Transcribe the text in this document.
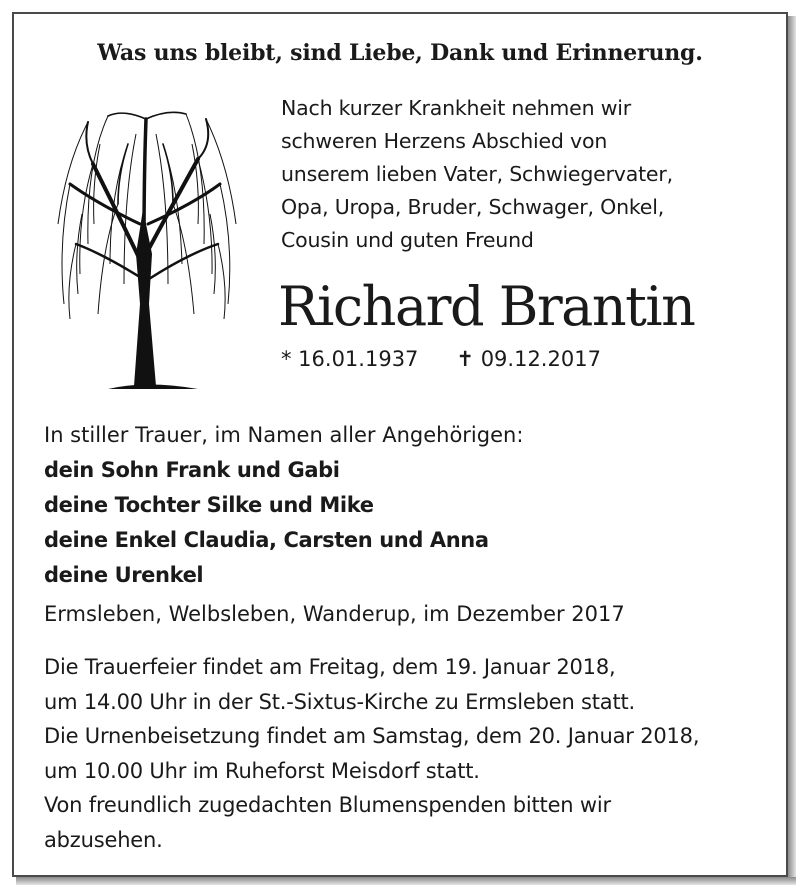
Was uns bleibt, sind Liebe, Dank und Erinnerung.
Nach kurzer Krankheit nehmen wir
schweren Herzens Abschied von
unserem lieben Vater, Schwiegervater,
Opa, Uropa, Bruder, Schwager, Onkel,
Cousin und guten Freund
Richard Brantin
* 16.01.1937 ✝ 09.12.2017
In stiller Trauer, im Namen aller Angehörigen:
dein Sohn Frank und Gabi
deine Tochter Silke und Mike
deine Enkel Claudia, Carsten und Anna
deine Urenkel
Ermsleben, Welbsleben, Wanderup, im Dezember 2017
Die Trauerfeier findet am Freitag, dem 19. Januar 2018,
um 14.00 Uhr in der St.-Sixtus-Kirche zu Ermsleben statt.
Die Urnenbeisetzung findet am Samstag, dem 20. Januar 2018,
um 10.00 Uhr im Ruheforst Meisdorf statt.
Von freundlich zugedachten Blumenspenden bitten wir
abzusehen.
